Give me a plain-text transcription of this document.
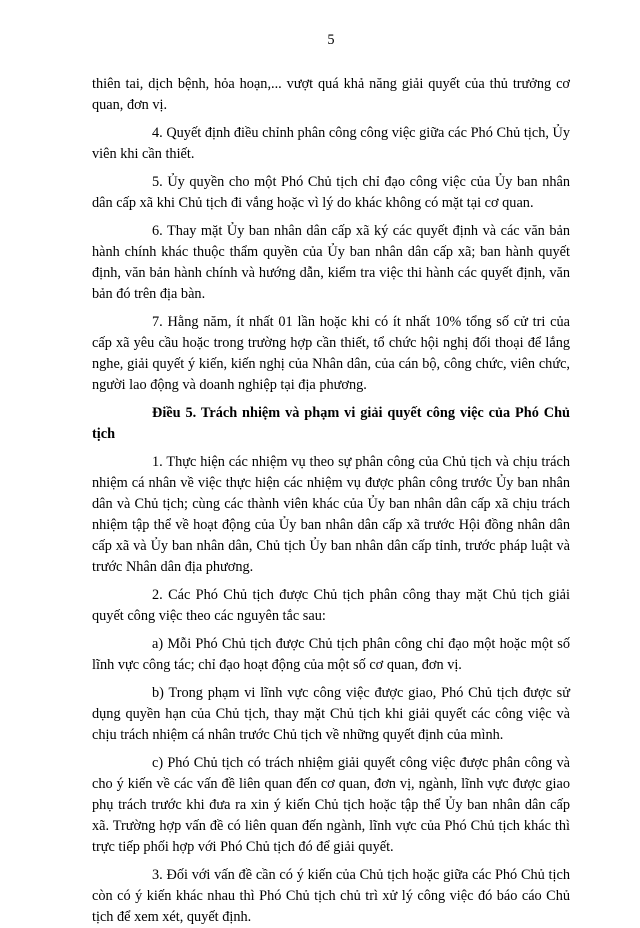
5

thiên tai, dịch bệnh, hỏa hoạn,... vượt quá khả năng giải quyết của thủ trưởng cơ quan, đơn vị.

4. Quyết định điều chỉnh phân công công việc giữa các Phó Chủ tịch, Ủy viên khi cần thiết.

5. Ủy quyền cho một Phó Chủ tịch chỉ đạo công việc của Ủy ban nhân dân cấp xã khi Chủ tịch đi vắng hoặc vì lý do khác không có mặt tại cơ quan.

6. Thay mặt Ủy ban nhân dân cấp xã ký các quyết định và các văn bản hành chính khác thuộc thẩm quyền của Ủy ban nhân dân cấp xã; ban hành quyết định, văn bản hành chính và hướng dẫn, kiểm tra việc thi hành các quyết định, văn bản đó trên địa bàn.

7. Hằng năm, ít nhất 01 lần hoặc khi có ít nhất 10% tổng số cử tri của cấp xã yêu cầu hoặc trong trường hợp cần thiết, tổ chức hội nghị đối thoại để lắng nghe, giải quyết ý kiến, kiến nghị của Nhân dân, của cán bộ, công chức, viên chức, người lao động và doanh nghiệp tại địa phương.

Điều 5. Trách nhiệm và phạm vi giải quyết công việc của Phó Chủ tịch

1. Thực hiện các nhiệm vụ theo sự phân công của Chủ tịch và chịu trách nhiệm cá nhân về việc thực hiện các nhiệm vụ được phân công trước Ủy ban nhân dân và Chủ tịch; cùng các thành viên khác của Ủy ban nhân dân cấp xã chịu trách nhiệm tập thể về hoạt động của Ủy ban nhân dân cấp xã trước Hội đồng nhân dân cấp xã và Ủy ban nhân dân, Chủ tịch Ủy ban nhân dân cấp tỉnh, trước pháp luật và trước Nhân dân địa phương.

2. Các Phó Chủ tịch được Chủ tịch phân công thay mặt Chủ tịch giải quyết công việc theo các nguyên tắc sau:

a) Mỗi Phó Chủ tịch được Chủ tịch phân công chỉ đạo một hoặc một số lĩnh vực công tác; chỉ đạo hoạt động của một số cơ quan, đơn vị.

b) Trong phạm vi lĩnh vực công việc được giao, Phó Chủ tịch được sử dụng quyền hạn của Chủ tịch, thay mặt Chủ tịch khi giải quyết các công việc và chịu trách nhiệm cá nhân trước Chủ tịch về những quyết định của mình.

c) Phó Chủ tịch có trách nhiệm giải quyết công việc được phân công và cho ý kiến về các vấn đề liên quan đến cơ quan, đơn vị, ngành, lĩnh vực được giao phụ trách trước khi đưa ra xin ý kiến Chủ tịch hoặc tập thể Ủy ban nhân dân cấp xã. Trường hợp vấn đề có liên quan đến ngành, lĩnh vực của Phó Chủ tịch khác thì trực tiếp phối hợp với Phó Chủ tịch đó để giải quyết.

3. Đối với vấn đề cần có ý kiến của Chủ tịch hoặc giữa các Phó Chủ tịch còn có ý kiến khác nhau thì Phó Chủ tịch chủ trì xử lý công việc đó báo cáo Chủ tịch để xem xét, quyết định.
